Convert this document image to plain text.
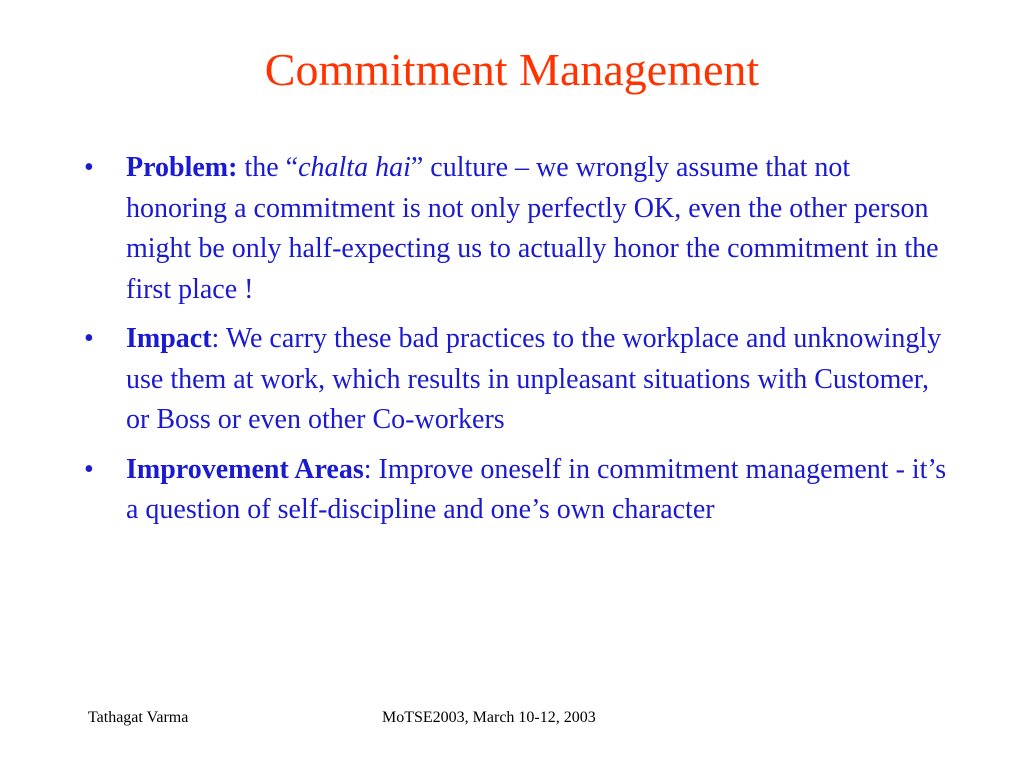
Commitment Management
•
Problem: the “chalta hai” culture – we wrongly assume that not honoring a commitment is not only perfectly OK, even the other person might be only half-expecting us to actually honor the commitment in the first place !
•
Impact: We carry these bad practices to the workplace and unknowingly use them at work, which results in unpleasant situations with Customer, or Boss or even other Co-workers
•
Improvement Areas: Improve oneself in commitment management - it’s a question of self-discipline and one’s own character
Tathagat Varma	MoTSE2003, March 10-12, 2003
